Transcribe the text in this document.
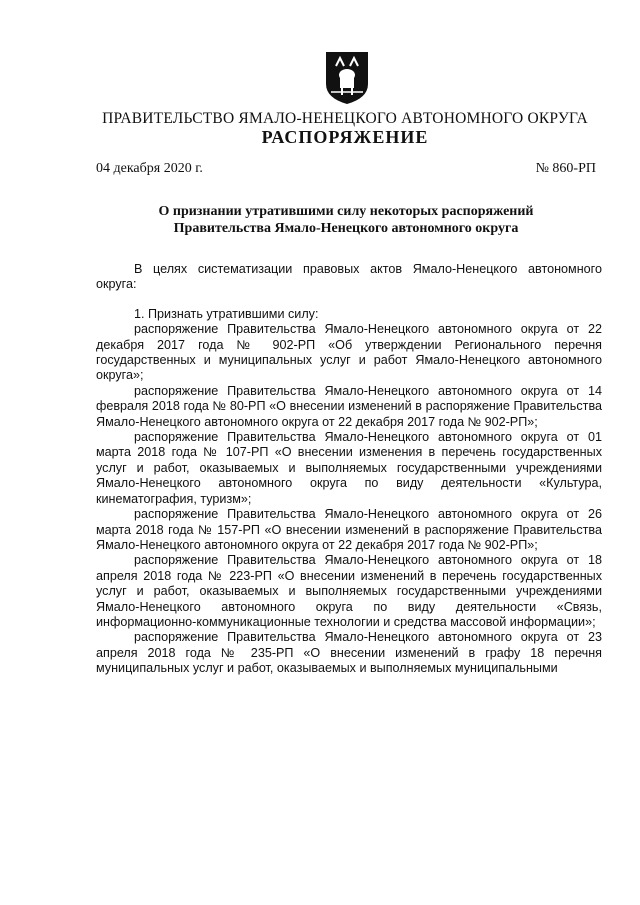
ПРАВИТЕЛЬСТВО ЯМАЛО-НЕНЕЦКОГО АВТОНОМНОГО ОКРУГА
РАСПОРЯЖЕНИЕ
04 декабря 2020 г.	№ 860-РП
О признании утратившими силу некоторых распоряжений
Правительства Ямало-Ненецкого автономного округа

В целях систематизации правовых актов Ямало-Ненецкого автономного округа:

1. Признать утратившими силу:

распоряжение Правительства Ямало-Ненецкого автономного округа от 22 декабря 2017 года № 902-РП «Об утверждении Регионального перечня государственных и муниципальных услуг и работ Ямало-Ненецкого автономного округа»;

распоряжение Правительства Ямало-Ненецкого автономного округа от 14 февраля 2018 года № 80-РП «О внесении изменений в распоряжение Правительства Ямало-Ненецкого автономного округа от 22 декабря 2017 года № 902-РП»;

распоряжение Правительства Ямало-Ненецкого автономного округа от 01 марта 2018 года № 107-РП «О внесении изменения в перечень государственных услуг и работ, оказываемых и выполняемых государственными учреждениями Ямало-Ненецкого автономного округа по виду деятельности «Культура, кинематография, туризм»;

распоряжение Правительства Ямало-Ненецкого автономного округа от 26 марта 2018 года № 157-РП «О внесении изменений в распоряжение Правительства Ямало-Ненецкого автономного округа от 22 декабря 2017 года № 902-РП»;

распоряжение Правительства Ямало-Ненецкого автономного округа от 18 апреля 2018 года № 223-РП «О внесении изменений в перечень государственных услуг и работ, оказываемых и выполняемых государственными учреждениями Ямало-Ненецкого автономного округа по виду деятельности «Связь, информационно-коммуникационные технологии и средства массовой информации»;

распоряжение Правительства Ямало-Ненецкого автономного округа от 23 апреля 2018 года № 235-РП «О внесении изменений в графу 18 перечня муниципальных услуг и работ, оказываемых и выполняемых муниципальными
